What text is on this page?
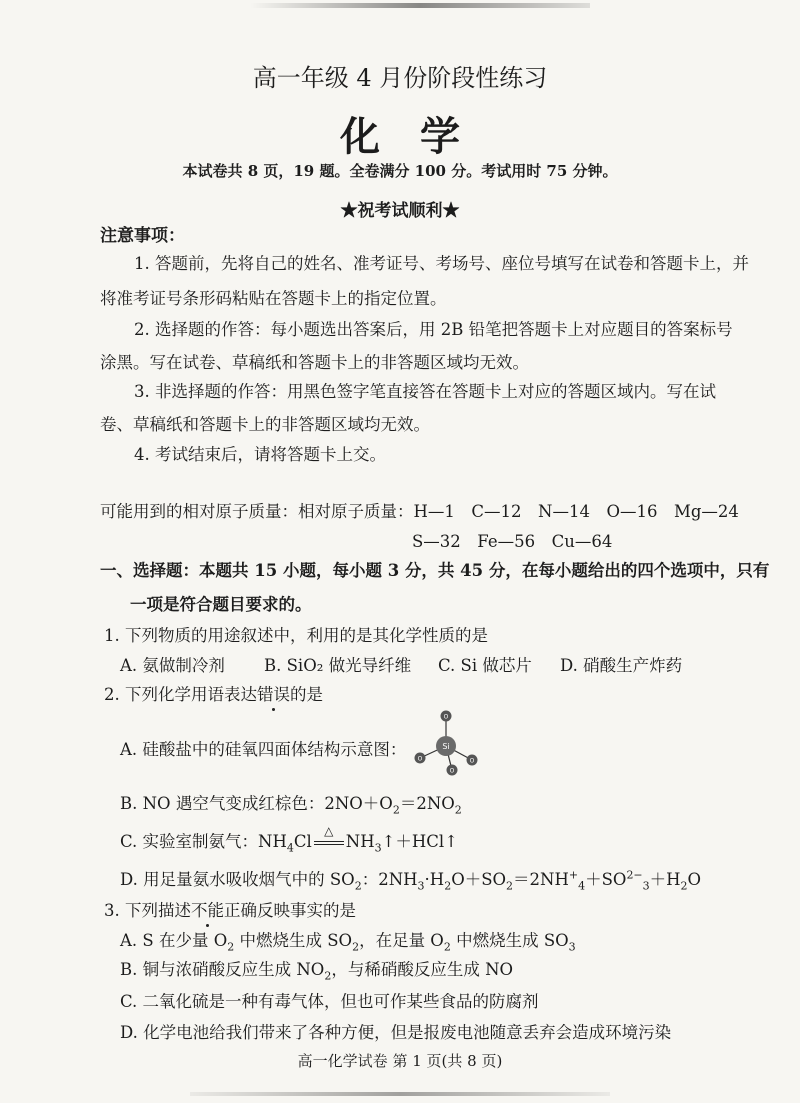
高一年级 4 月份阶段性练习
化学
本试卷共 8 页，19 题。全卷满分 100 分。考试用时 75 分钟。
★祝考试顺利★
注意事项：
1. 答题前，先将自己的姓名、准考证号、考场号、座位号填写在试卷和答题卡上，并
将准考证号条形码粘贴在答题卡上的指定位置。
2. 选择题的作答：每小题选出答案后，用 2B 铅笔把答题卡上对应题目的答案标号
涂黑。写在试卷、草稿纸和答题卡上的非答题区域均无效。
3. 非选择题的作答：用黑色签字笔直接答在答题卡上对应的答题区域内。写在试
卷、草稿纸和答题卡上的非答题区域均无效。
4. 考试结束后，请将答题卡上交。
可能用到的相对原子质量：相对原子质量：H—1　C—12　N—14　O—16　Mg—24
S—32　Fe—56　Cu—64
一、选择题：本题共 15 小题，每小题 3 分，共 45 分，在每小题给出的四个选项中，只有
一项是符合题目要求的。
1. 下列物质的用途叙述中，利用的是其化学性质的是
A. 氨做制冷剂 B. SiO₂ 做光导纤维 C. Si 做芯片 D. 硝酸生产炸药
2. 下列化学用语表达错误的是
A. 硅酸盐中的硅氧四面体结构示意图：	Si
O
O	O
O
B. NO 遇空气变成红棕色：$2NO+O_2=2NO_2$
C. 实验室制氨气：$NH_4Cl$
△
$NH_3↑+HCl↑$
D. 用足量氨水吸收烟气中的 $SO_2$：$2NH_3\cdot H_2O+SO_2=2NH^+_4+SO^{2-}_3+H_2O$
3. 下列描述不能正确反映事实的是
A. S 在少量 $O_2$ 中燃烧生成 $SO_2$，在足量 $O_2$ 中燃烧生成 $SO_3$
B. 铜与浓硝酸反应生成 $NO_2$，与稀硝酸反应生成 NO
C. 二氧化硫是一种有毒气体，但也可作某些食品的防腐剂
D. 化学电池给我们带来了各种方便，但是报废电池随意丢弃会造成环境污染
高一化学试卷 第 1 页(共 8 页)
